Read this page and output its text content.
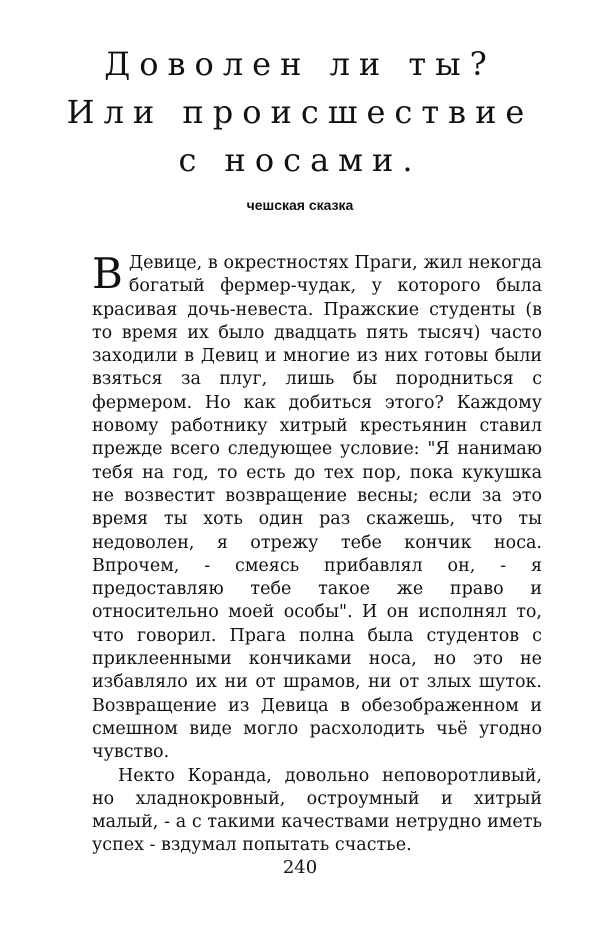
Доволен ли ты?
Или происшествие
с носами.

чешская сказка

В Девице, в окрестностях Праги, жил некогда богатый фермер-чудак, у которого была красивая дочь-невеста. Пражские студенты (в то время их было двадцать пять тысяч) часто заходили в Девиц и многие из них готовы были взяться за плуг, лишь бы породниться с фермером. Но как добиться этого? Каждому новому работнику хитрый крестьянин ставил прежде всего следующее условие: "Я нанимаю тебя на год, то есть до тех пор, пока кукушка не возвестит возвращение весны; если за это время ты хоть один раз скажешь, что ты недоволен, я отрежу тебе кончик носа. Впрочем, - смеясь прибавлял он, - я предоставляю тебе такое же право и относительно моей особы". И он исполнял то, что говорил. Прага полна была студентов с приклеенными кончиками носа, но это не избавляло их ни от шрамов, ни от злых шуток. Возвращение из Девица в обезображенном и смешном виде могло расхолодить чьё угодно чувство.

Некто Коранда, довольно неповоротливый, но хладнокровный, остроумный и хитрый малый, - а с такими качествами нетрудно иметь успех - вздумал попытать счастье.

240
